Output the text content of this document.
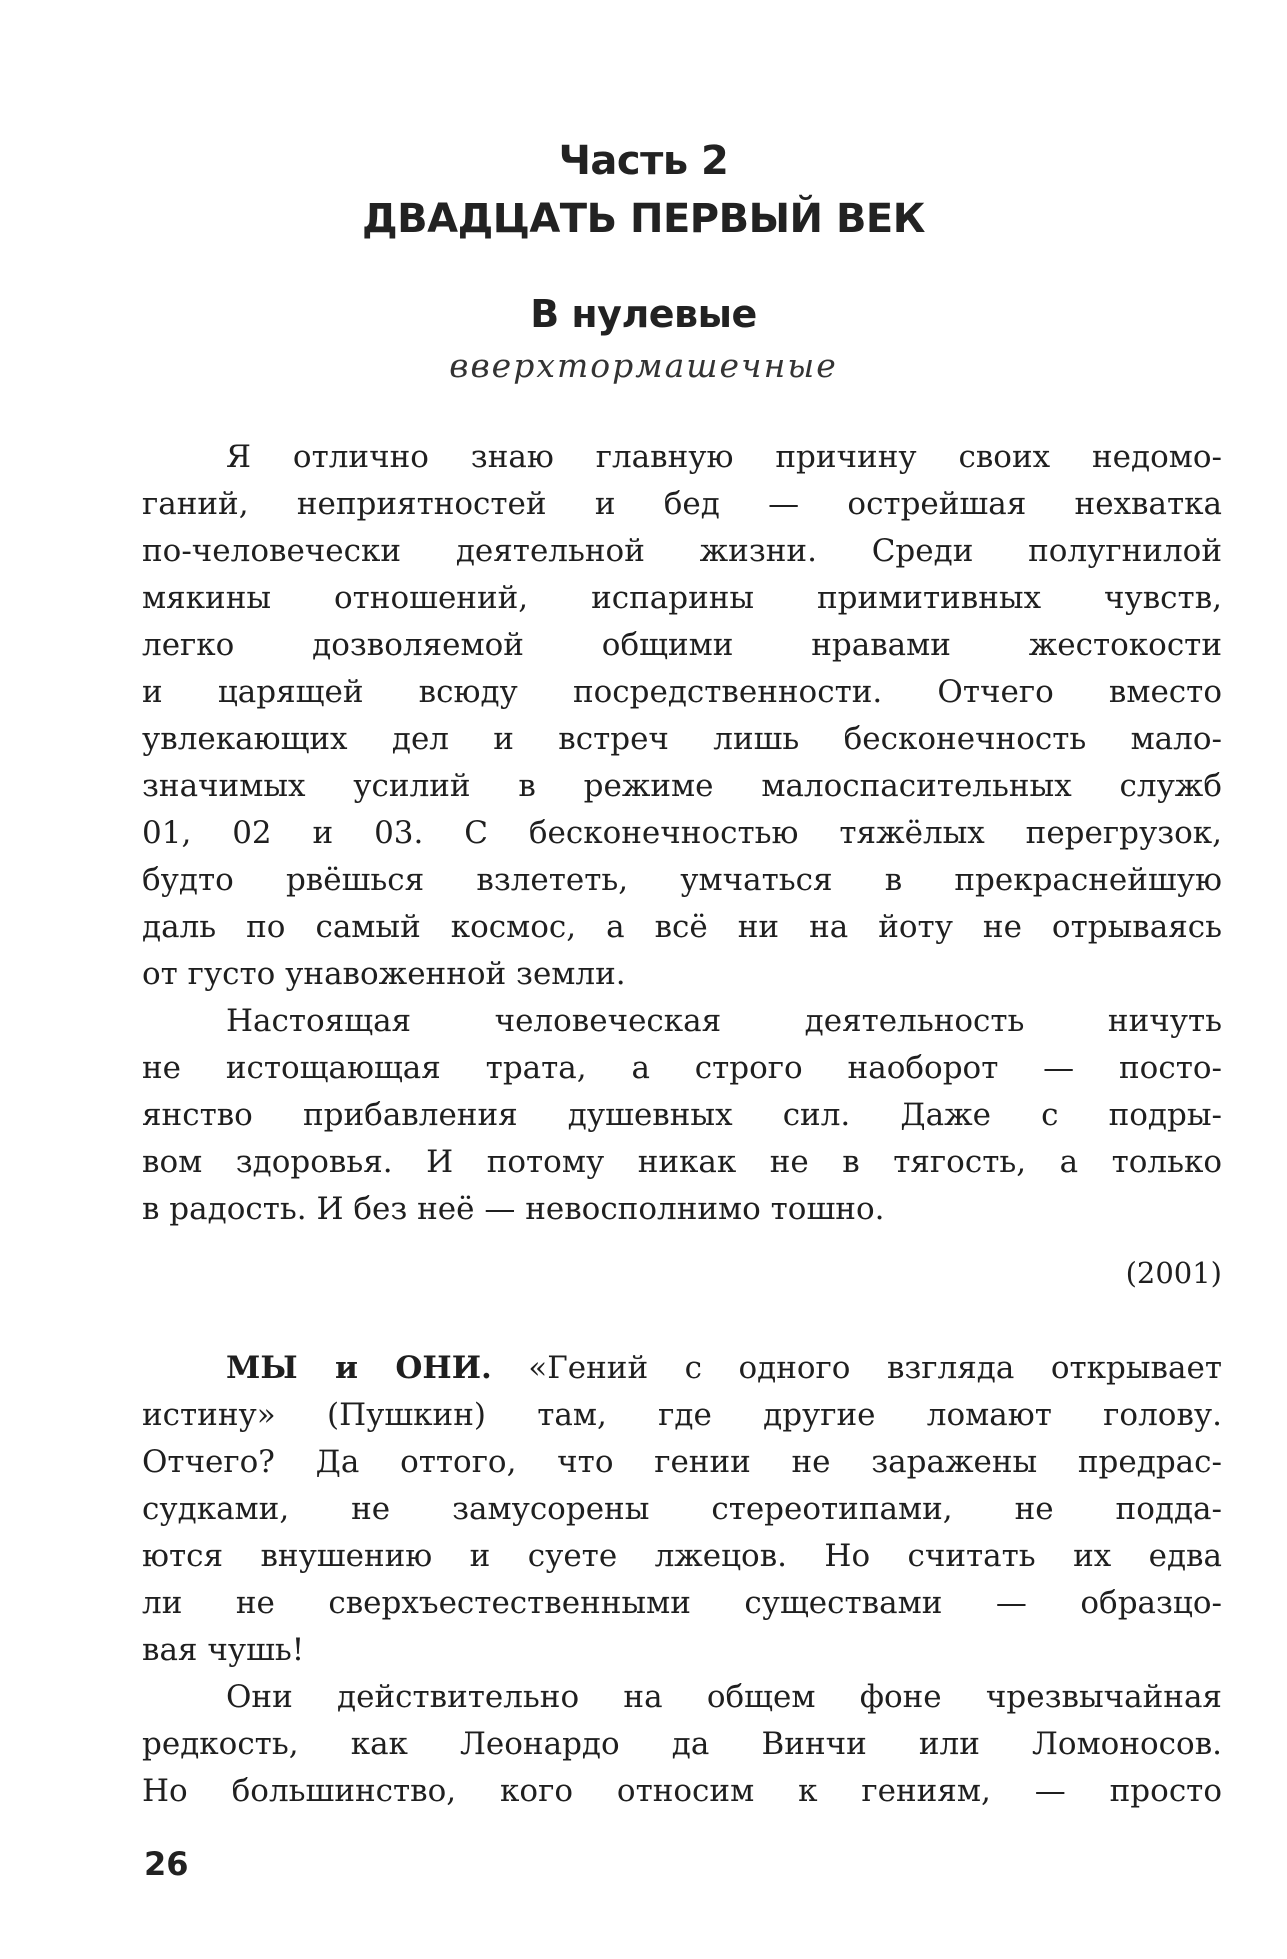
Часть 2
ДВАДЦАТЬ ПЕРВЫЙ ВЕК
В нулевые
вверхтормашечные
Я отлично знаю главную причину своих недомо-
ганий, неприятностей и бед — острейшая нехватка
по-человечески деятельной жизни. Среди полугнилой
мякины отношений, испарины примитивных чувств,
легко дозволяемой общими нравами жестокости
и царящей всюду посредственности. Отчего вместо
увлекающих дел и встреч лишь бесконечность мало-
значимых усилий в режиме малоспасительных служб
01, 02 и 03. С бесконечностью тяжёлых перегрузок,
будто рвёшься взлететь, умчаться в прекраснейшую
даль по самый космос, а всё ни на йоту не отрываясь
от густо унавоженной земли.
Настоящая человеческая деятельность ничуть
не истощающая трата, а строго наоборот — посто-
янство прибавления душевных сил. Даже с подры-
вом здоровья. И потому никак не в тягость, а только
в радость. И без неё — невосполнимо тошно.
(2001)
МЫ и ОНИ. «Гений с одного взгляда открывает
истину» (Пушкин) там, где другие ломают голову.
Отчего? Да оттого, что гении не заражены предрас-
судками, не замусорены стереотипами, не подда-
ются внушению и суете лжецов. Но считать их едва
ли не сверхъестественными существами — образцо-
вая чушь!
Они действительно на общем фоне чрезвычайная
редкость, как Леонардо да Винчи или Ломоносов.
Но большинство, кого относим к гениям, — просто
26
